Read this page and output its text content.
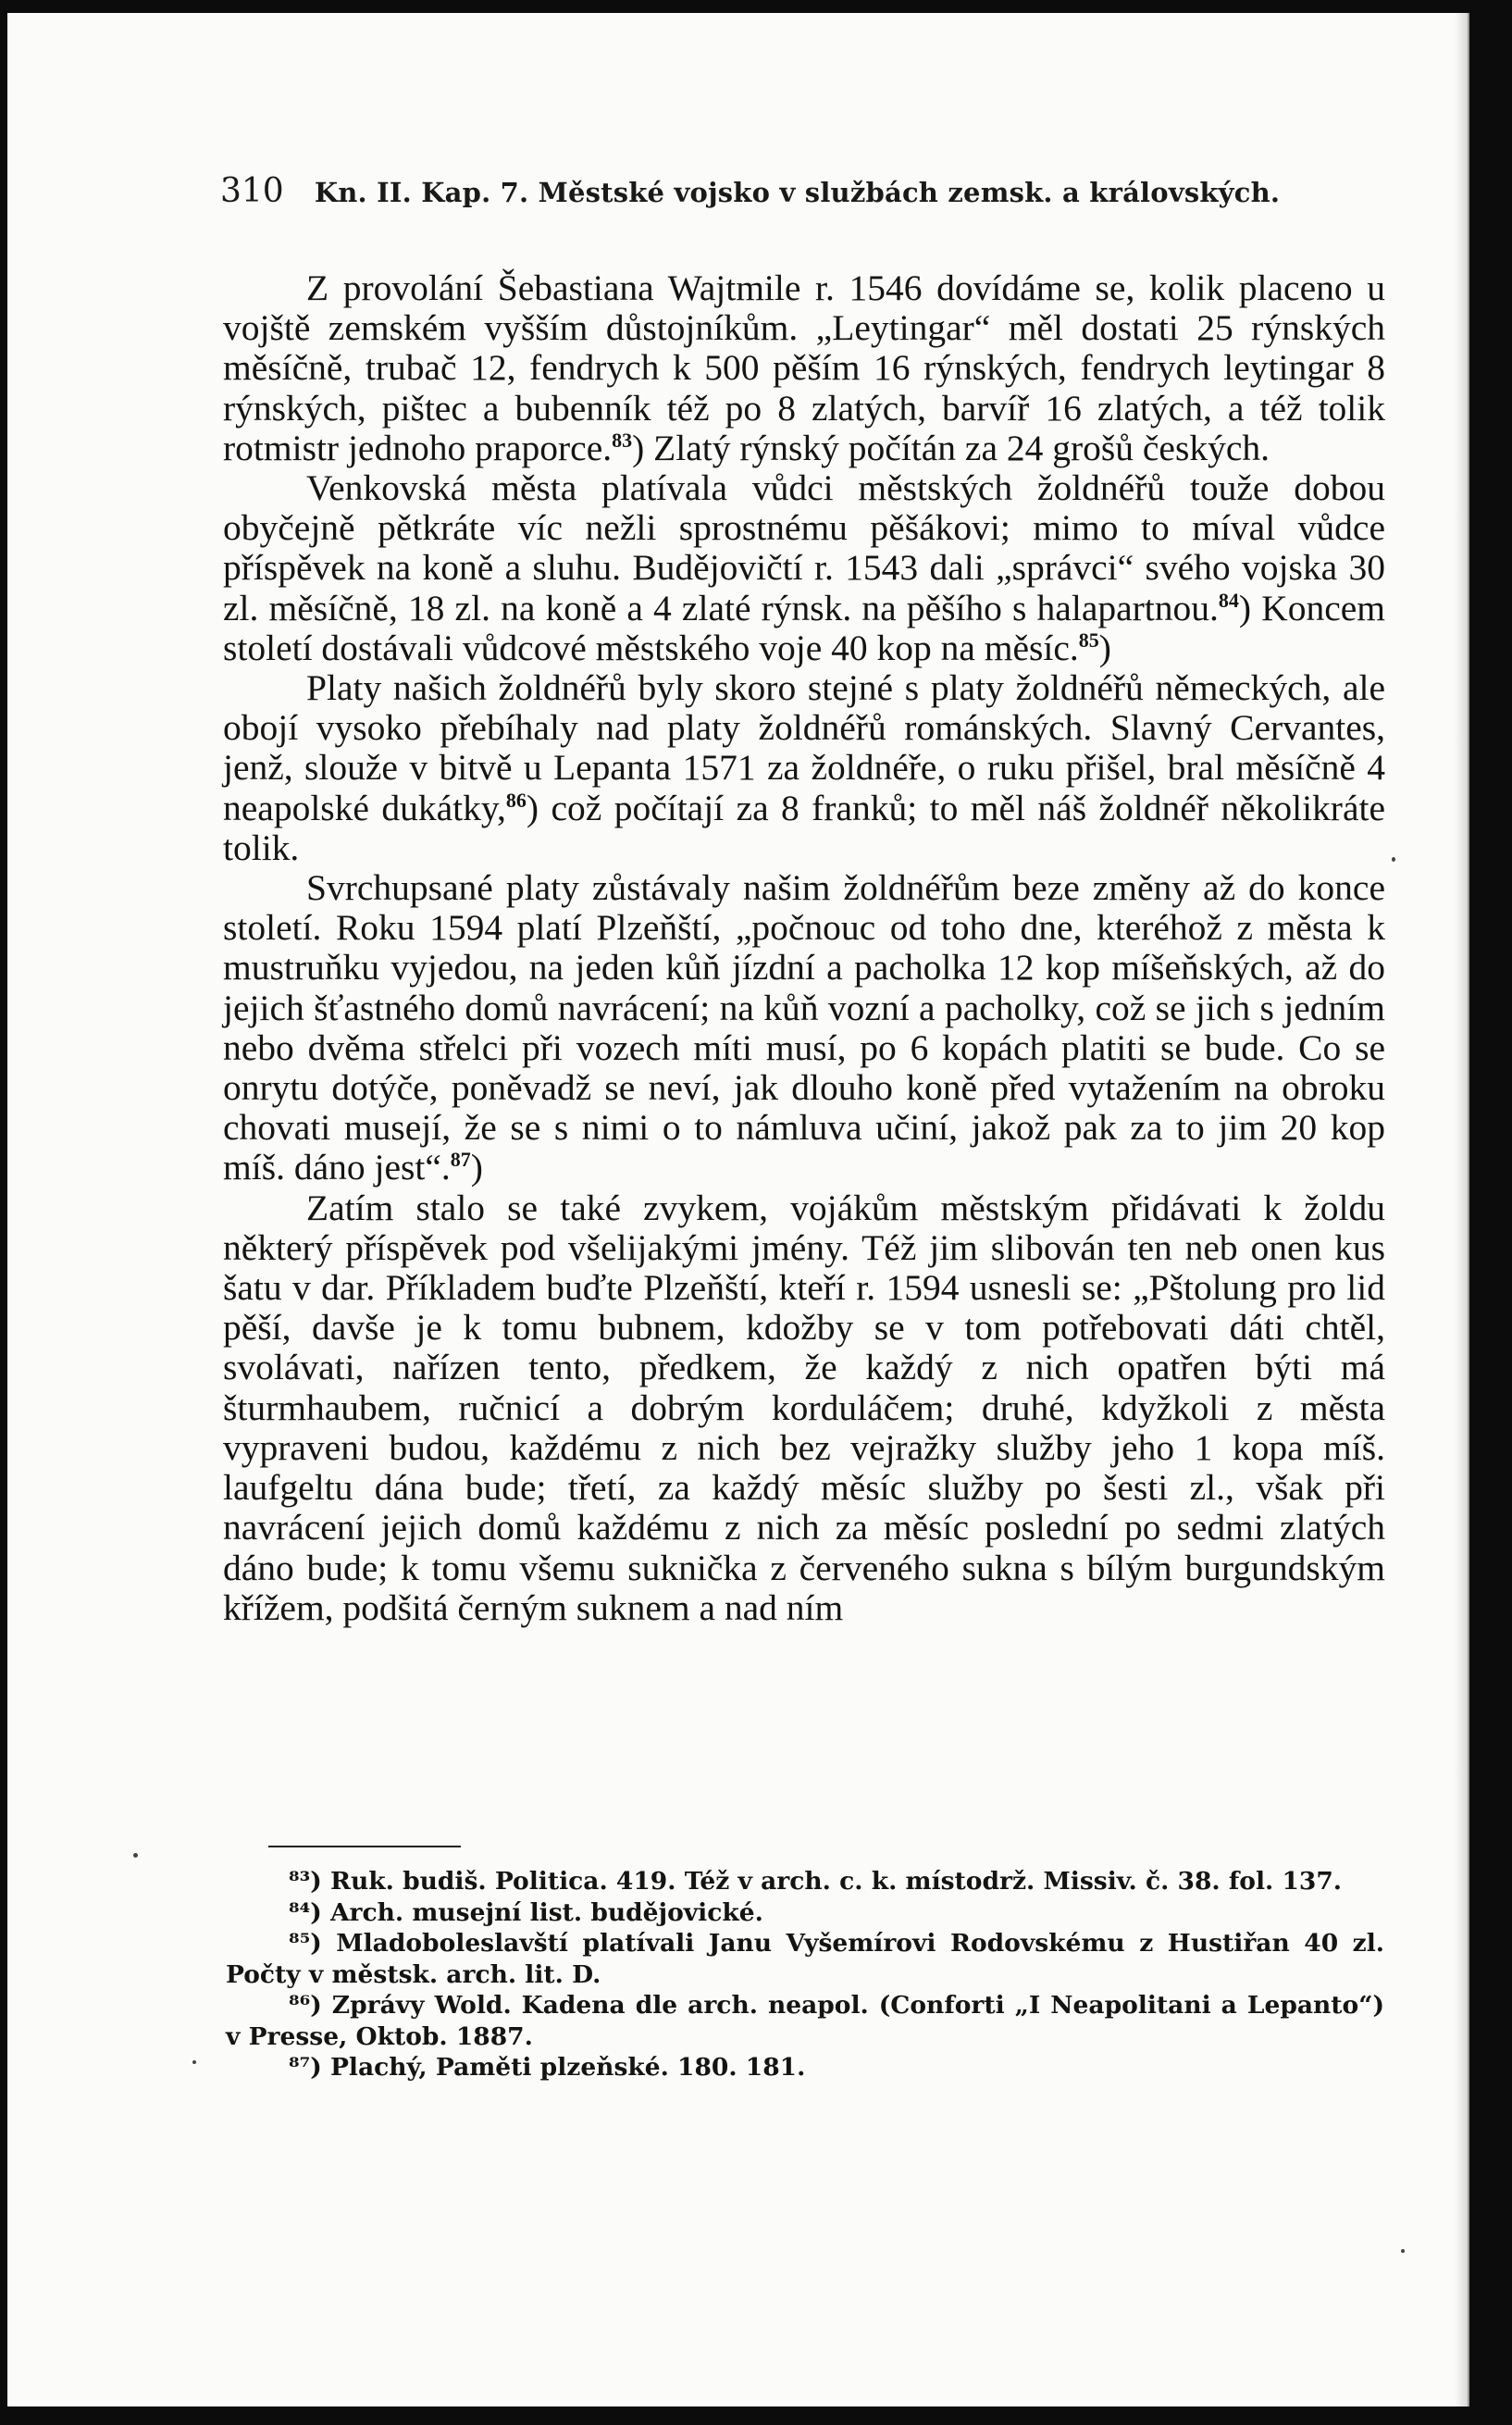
310 Kn. II. Kap. 7. Městské vojsko v službách zemsk. a královských.

Z provolání Šebastiana Wajtmile r. 1546 dovídáme se, kolik placeno u vojště zemském vyšším důstojníkům. „Leytingar“ měl dostati 25 rýnských měsíčně, trubač 12, fendrych k 500 pěším 16 rýnských, fendrych leytingar 8 rýnských, pištec a bubenník též po 8 zlatých, barvíř 16 zlatých, a též tolik rotmistr jednoho praporce.$^{83}$) Zlatý rýnský počítán za 24 grošů českých.

Venkovská města platívala vůdci městských žoldnéřů touže dobou obyčejně pětkráte víc nežli sprostnému pěšákovi; mimo to míval vůdce příspěvek na koně a sluhu. Budějovičtí r. 1543 dali „správci“ svého vojska 30 zl. měsíčně, 18 zl. na koně a 4 zlaté rýnsk. na pěšího s halapartnou.$^{84}$) Koncem století dostávali vůdcové městského voje 40 kop na měsíc.$^{85}$)

Platy našich žoldnéřů byly skoro stejné s platy žoldnéřů německých, ale obojí vysoko přebíhaly nad platy žoldnéřů románských. Slavný Cervantes, jenž, slouže v bitvě u Lepanta 1571 za žoldnéře, o ruku přišel, bral měsíčně 4 neapolské dukátky,$^{86}$) což počítají za 8 franků; to měl náš žoldnéř několikráte tolik.

Svrchupsané platy zůstávaly našim žoldnéřům beze změny až do konce století. Roku 1594 platí Plzeňští, „počnouc od toho dne, kteréhož z města k mustruňku vyjedou, na jeden kůň jízdní a pacholka 12 kop míšeňských, až do jejich šťastného domů navrácení; na kůň vozní a pacholky, což se jich s jedním nebo dvěma střelci při vozech míti musí, po 6 kopách platiti se bude. Co se onrytu dotýče, poněvadž se neví, jak dlouho koně před vytažením na obroku chovati musejí, že se s nimi o to námluva učiní, jakož pak za to jim 20 kop míš. dáno jest“.$^{87}$)

Zatím stalo se také zvykem, vojákům městským přidávati k žoldu některý příspěvek pod všelijakými jmény. Též jim slibován ten neb onen kus šatu v dar. Příkladem buďte Plzeňští, kteří r. 1594 usnesli se: „Pštolung pro lid pěší, davše je k tomu bubnem, kdožby se v tom potřebovati dáti chtěl, svolávati, nařízen tento, předkem, že každý z nich opatřen býti má šturmhaubem, ručnicí a dobrým korduláčem; druhé, kdyžkoli z města vypraveni budou, každému z nich bez vejražky služby jeho 1 kopa míš. laufgeltu dána bude; třetí, za každý měsíc služby po šesti zl., však při navrácení jejich domů každému z nich za měsíc poslední po sedmi zlatých dáno bude; k tomu všemu suknička z červeného sukna s bílým burgundským křížem, podšitá černým suknem a nad ním

⁸³) Ruk. budiš. Politica. 419. Též v arch. c. k. místodrž. Missiv. č. 38. fol. 137.

⁸⁴) Arch. musejní list. budějovické.

⁸⁵) Mladoboleslavští platívali Janu Vyšemírovi Rodovskému z Hustiřan 40 zl. Počty v městsk. arch. lit. D.

⁸⁶) Zprávy Wold. Kadena dle arch. neapol. (Conforti „I Neapolitani a Lepanto“) v Presse, Oktob. 1887.

⁸⁷) Plachý, Paměti plzeňské. 180. 181.
